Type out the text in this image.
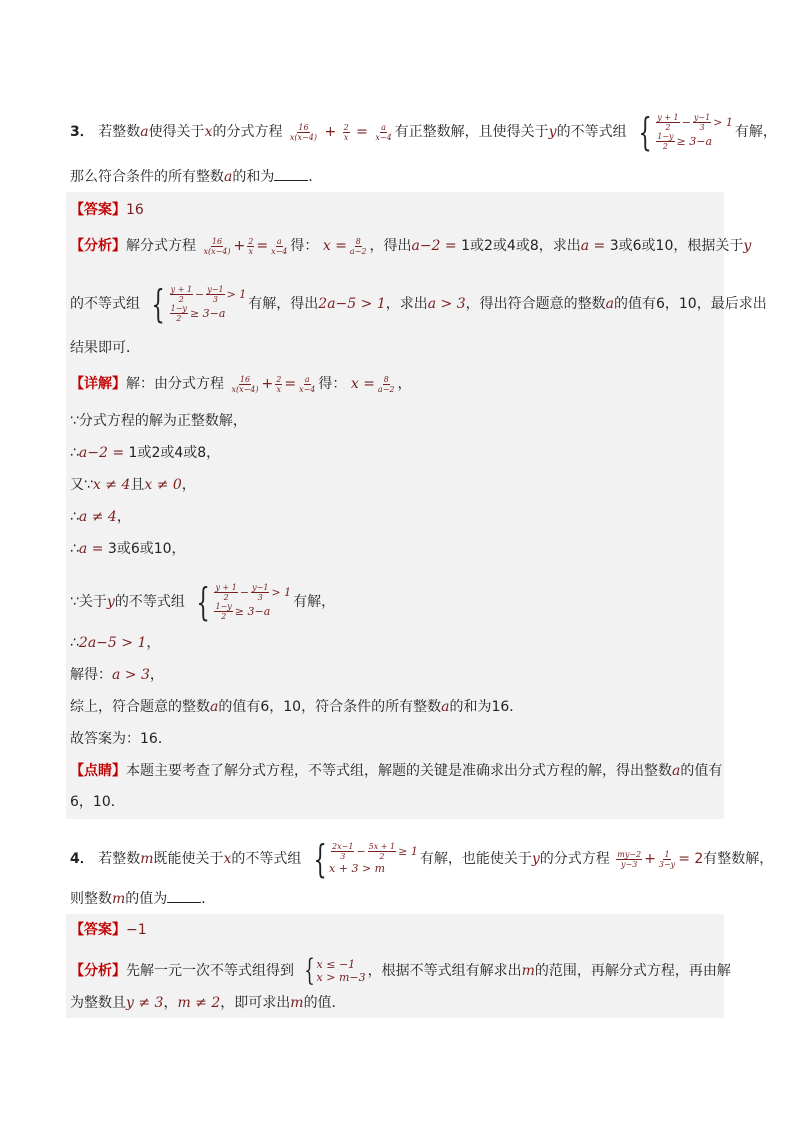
3． 若整数a使得关于x的分式方程 $\frac{16}{x(x-4)} + \frac{2}{x} = \frac{a}{x-4}$ 有正整数解，且使得关于y的不等式组 { $\frac{y + 1}{2} - \frac{y-1}{3} > 1$
$\frac{1-y}{2} \ge 3-a$
有解，
那么符合条件的所有整数a的和为 ．
【答案】16
【分析】解分式方程 $\frac{16}{x(x-4)} + \frac{2}{x} = \frac{a}{x-4}$ 得： $x = \frac{8}{a-2}$ ，得出a−2 = 1或2或4或8，求出a = 3或6或10，根据关于y
的不等式组 { $\frac{y + 1}{2} - \frac{y-1}{3} > 1$
$\frac{1-y}{2} \ge 3-a$
有解，得出2a−5 > 1，求出a > 3，得出符合题意的整数a的值有6，10，最后求出
结果即可．
【详解】解：由分式方程 $\frac{16}{x(x-4)} + \frac{2}{x} = \frac{a}{x-4}$ 得： $x = \frac{8}{a-2}$ ，
∵分式方程的解为正整数解，
∴a−2 = 1或2或4或8，
又∵x ≠ 4且x ≠ 0，
∴a ≠ 4，
∴a = 3或6或10，
∵关于y的不等式组 { $\frac{y + 1}{2} - \frac{y-1}{3} > 1$
$\frac{1-y}{2} \ge 3-a$
有解，
∴2a−5 > 1，
解得：a > 3，
综上，符合题意的整数a的值有6，10，符合条件的所有整数a的和为16．
故答案为：16．
【点睛】本题主要考查了解分式方程，不等式组，解题的关键是准确求出分式方程的解，得出整数a的值有
6，10．
4． 若整数m既能使关于x的不等式组 { $\frac{2x-1}{3} - \frac{5x + 1}{2} \ge 1$
x + 3 > m
有解，也能使关于y的分式方程 $\frac{my-2}{y-3} + \frac{1}{3-y} = 2$有整数解，
则整数m的值为 ．
【答案】−1
【分析】先解一元一次不等式组得到 { x ≤ −1
x > m−3 ，根据不等式组有解求出m的范围，再解分式方程，再由解
为整数且y ≠ 3，m ≠ 2，即可求出m的值．
